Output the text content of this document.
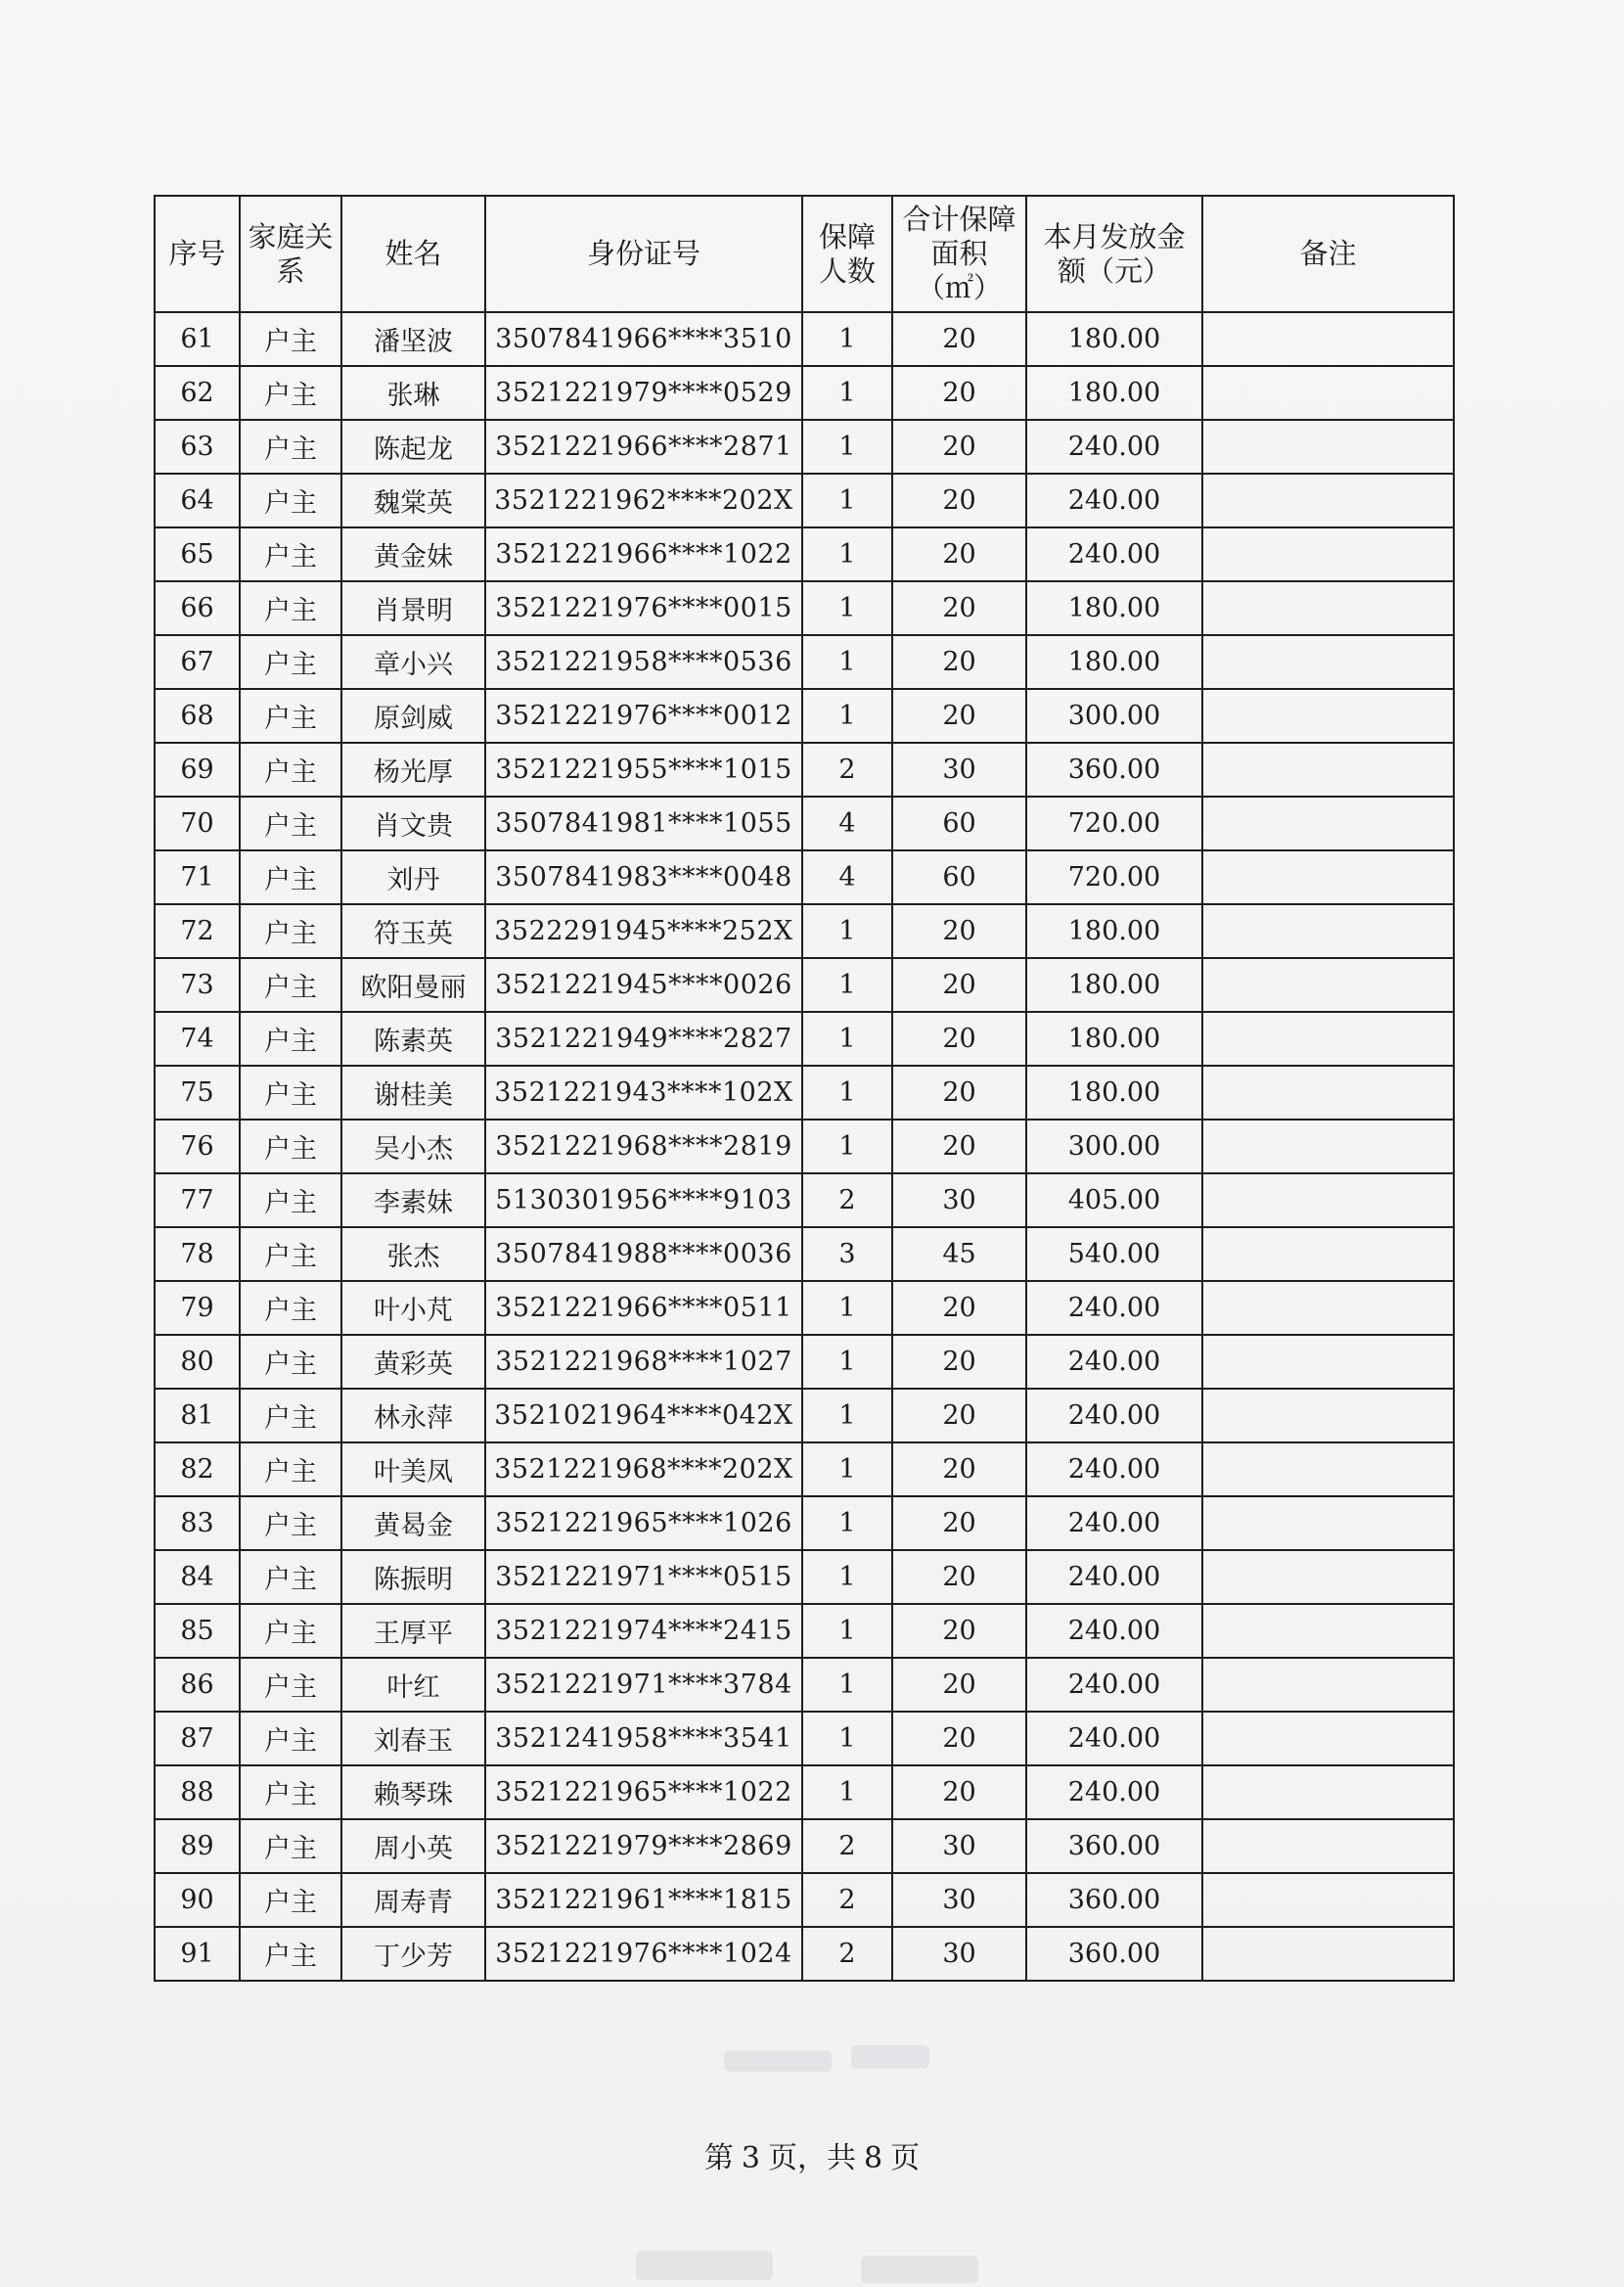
序号	家庭关系	姓名	身份证号	保障人数	合计保障面积（㎡）	本月发放金额（元）	备注
61	户主	潘坚波	3507841966****3510	1	20	180.00	
62	户主	张琳	3521221979****0529	1	20	180.00	
63	户主	陈起龙	3521221966****2871	1	20	240.00	
64	户主	魏棠英	3521221962****202X	1	20	240.00	
65	户主	黄金妹	3521221966****1022	1	20	240.00	
66	户主	肖景明	3521221976****0015	1	20	180.00	
67	户主	章小兴	3521221958****0536	1	20	180.00	
68	户主	原剑威	3521221976****0012	1	20	300.00	
69	户主	杨光厚	3521221955****1015	2	30	360.00	
70	户主	肖文贵	3507841981****1055	4	60	720.00	
71	户主	刘丹	3507841983****0048	4	60	720.00	
72	户主	符玉英	3522291945****252X	1	20	180.00	
73	户主	欧阳曼丽	3521221945****0026	1	20	180.00	
74	户主	陈素英	3521221949****2827	1	20	180.00	
75	户主	谢桂美	3521221943****102X	1	20	180.00	
76	户主	吴小杰	3521221968****2819	1	20	300.00	
77	户主	李素妹	5130301956****9103	2	30	405.00	
78	户主	张杰	3507841988****0036	3	45	540.00	
79	户主	叶小芃	3521221966****0511	1	20	240.00	
80	户主	黄彩英	3521221968****1027	1	20	240.00	
81	户主	林永萍	3521021964****042X	1	20	240.00	
82	户主	叶美凤	3521221968****202X	1	20	240.00	
83	户主	黄曷金	3521221965****1026	1	20	240.00	
84	户主	陈振明	3521221971****0515	1	20	240.00	
85	户主	王厚平	3521221974****2415	1	20	240.00	
86	户主	叶红	3521221971****3784	1	20	240.00	
87	户主	刘春玉	3521241958****3541	1	20	240.00	
88	户主	赖琴珠	3521221965****1022	1	20	240.00	
89	户主	周小英	3521221979****2869	2	30	360.00	
90	户主	周寿青	3521221961****1815	2	30	360.00	
91	户主	丁少芳	3521221976****1024	2	30	360.00	
第 3 页，共 8 页
